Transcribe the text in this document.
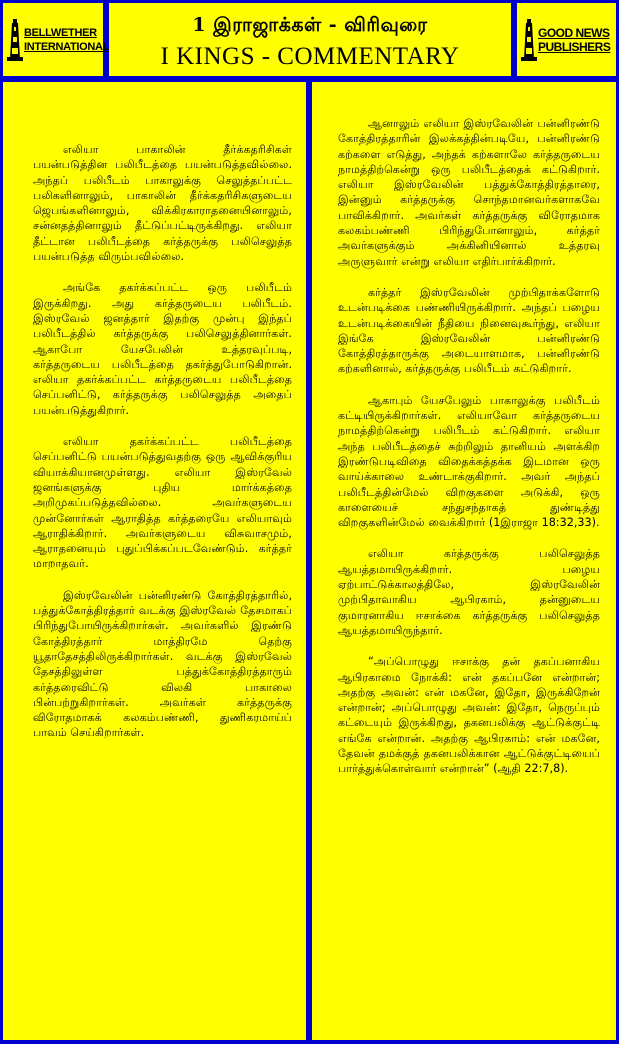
BELLWETHER
INTERNATIONAL
1 இராஜாக்கள் - விரிவுரை
I KINGS - COMMENTARY
GOOD NEWS
PUBLISHERS

எலியா பாகாலின் தீர்க்கதரிசிகள் பயன்படுத்தின பலிபீடத்தை பயன்படுத்தவில்லை. அந்தப் பலிபீடம் பாகாலுக்கு செலுத்தப்பட்ட பலிகளினாலும், பாகாலின் தீர்க்கதரிசிகளுடைய ஜெபங்களினாலும், விக்கிரகாராதனையினாலும், சன்னதத்தினாலும் தீட்டுப்பட்டிருக்கிறது. எலியா தீட்டான பலிபீடத்தை கர்த்தருக்கு பலிசெலுத்த பயன்படுத்த விரும்பவில்லை.

அங்கே தகர்க்கப்பட்ட ஒரு பலிபீடம் இருக்கிறது. அது கர்த்தருடைய பலிபீடம். இஸ்ரவேல் ஜனத்தார் இதற்கு முன்பு இந்தப் பலிபீடத்தில் கர்த்தருக்கு பலிசெலுத்தினார்கள். ஆகாபோ யேசபேலின் உத்தரவுப்படி, கர்த்தருடைய பலிபீடத்தை தகர்த்துபோடுகிறான். எலியா தகர்க்கப்பட்ட கர்த்தருடைய பலிபீடத்தை செப்பனிட்டு, கர்த்தருக்கு பலிசெலுத்த அதைப் பயன்படுத்துகிறார்.

எலியா தகர்க்கப்பட்ட பலிபீடத்தை செப்பனிட்டு பயன்படுத்துவதற்கு ஒரு ஆவிக்குரிய வியாக்கியானமுள்ளது. எலியா இஸ்ரவேல் ஜனங்களுக்கு புதிய மார்க்கத்தை அறிமுகப்படுத்தவில்லை. அவர்களுடைய முன்னோர்கள் ஆராதித்த கர்த்தரையே எலியாவும் ஆராதிக்கிறார். அவர்களுடைய விசுவாசமும், ஆராதனையும் புதுப்பிக்கப்படவேண்டும். கர்த்தர் மாறாதவர்.

இஸ்ரவேலின் பன்னிரண்டு கோத்திரத்தாரில், பத்துக்கோத்திரத்தார் வடக்கு இஸ்ரவேல் தேசமாகப் பிரிந்துபோயிருக்கிறார்கள். அவர்களில் இரண்டு கோத்திரத்தார் மாத்திரமே தெற்கு யூதாதேசத்திலிருக்கிறார்கள். வடக்கு இஸ்ரவேல் தேசத்திலுள்ள பத்துக்கோத்திரத்தாரும் கர்த்தரைவிட்டு விலகி பாகாலை பின்பற்றுகிறார்கள். அவர்கள் கர்த்தருக்கு விரோதமாகக் கலகம்பண்ணி, துணிகரமாய்ப் பாவம் செய்கிறார்கள்.

ஆனாலும் எலியா இஸ்ரவேலின் பன்னிரண்டு கோத்திரத்தாரின் இலக்கத்தின்படியே, பன்னிரண்டு கற்களை எடுத்து, அந்தக் கற்களாலே கர்த்தருடைய நாமத்திற்கென்று ஒரு பலிபீடத்தைக் கட்டுகிறார். எலியா இஸ்ரவேலின் பத்துக்கோத்திரத்தாரை, இன்னும் கர்த்தருக்கு சொந்தமானவர்களாகவே பாவிக்கிறார். அவர்கள் கர்த்தருக்கு விரோதமாக கலகம்பண்ணி பிரிந்துபோனாலும், கர்த்தர் அவர்களுக்கும் அக்கினியினால் உத்தரவு அருளுவார் என்று எலியா எதிர்பார்க்கிறார்.

கர்த்தர் இஸ்ரவேலின் முற்பிதாக்களோடு உடன்படிக்கை பண்ணியிருக்கிறார். அந்தப் பழைய உடன்படிக்கையின் நீதியை நினைவுகூர்ந்து, எலியா இங்கே இஸ்ரவேலின் பன்னிரண்டு கோத்திரத்தாருக்கு அடையாளமாக, பன்னிரண்டு கற்களினால், கர்த்தருக்கு பலிபீடம் கட்டுகிறார்.

ஆகாபும் யேசபேலும் பாகாலுக்கு பலிபீடம் கட்டியிருக்கிறார்கள். எலியாவோ கர்த்தருடைய நாமத்திற்கென்று பலிபீடம் கட்டுகிறார். எலியா அந்த பலிபீடத்தைச் சுற்றிலும் தானியம் அளக்கிற இரண்டுபடிவிதை விதைக்கத்தக்க இடமான ஒரு வாய்க்காலை உண்டாக்குகிறார். அவர் அந்தப் பலிபீடத்தின்மேல் விறகுகளை அடுக்கி, ஒரு காளையைச் சந்துசந்தாகத் துண்டித்து விறகுகளின்மேல் வைக்கிறார் (1இராஜா 18:32,33).

எலியா கர்த்தருக்கு பலிசெலுத்த ஆயத்தமாயிருக்கிறார். பழைய ஏற்பாட்டுக்காலத்திலே, இஸ்ரவேலின் முற்பிதாவாகிய ஆபிரகாம், தன்னுடைய குமாரனாகிய ஈசாக்கை கர்த்தருக்கு பலிசெலுத்த ஆயத்தமாயிருந்தார்.

“அப்பொழுது ஈசாக்கு தன் தகப்பனாகிய ஆபிரகாமை நோக்கி: என் தகப்பனே என்றான்; அதற்கு அவன்: என் மகனே, இதோ, இருக்கிறேன் என்றான்; அப்பொழுது அவன்: இதோ, நெருப்பும் கட்டையும் இருக்கிறது, தகனபலிக்கு ஆட்டுக்குட்டி எங்கே என்றான். அதற்கு ஆபிரகாம்: என் மகனே, தேவன் தமக்குத் தகனபலிக்கான ஆட்டுக்குட்டியைப் பார்த்துக்கொள்வார் என்றான்” (ஆதி 22:7,8).
